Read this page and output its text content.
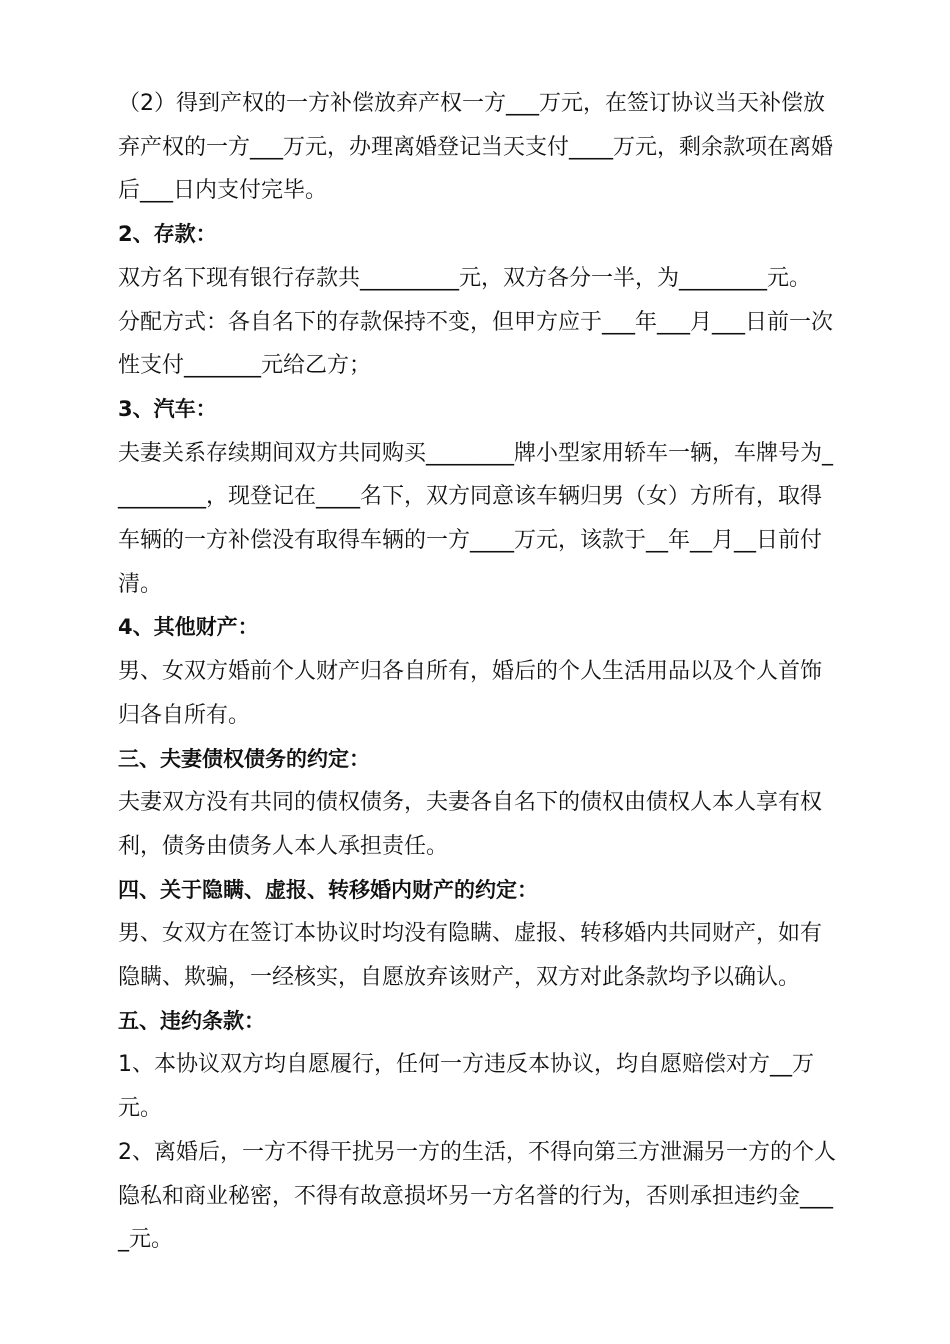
（2）得到产权的一方补偿放弃产权一方___万元，在签订协议当天补偿放弃产权的一方___万元，办理离婚登记当天支付____万元，剩余款项在离婚后___日内支付完毕。

2、存款：

双方名下现有银行存款共_________元，双方各分一半，为________元。

分配方式：各自名下的存款保持不变，但甲方应于___年___月___日前一次性支付_______元给乙方；

3、汽车：

夫妻关系存续期间双方共同购买________牌小型家用轿车一辆，车牌号为_________，现登记在____名下，双方同意该车辆归男（女）方所有，取得车辆的一方补偿没有取得车辆的一方____万元，该款于__年__月__日前付清。

4、其他财产：

男、女双方婚前个人财产归各自所有，婚后的个人生活用品以及个人首饰归各自所有。

三、夫妻债权债务的约定：

夫妻双方没有共同的债权债务，夫妻各自名下的债权由债权人本人享有权利，债务由债务人本人承担责任。

四、关于隐瞒、虚报、转移婚内财产的约定：

男、女双方在签订本协议时均没有隐瞒、虚报、转移婚内共同财产，如有隐瞒、欺骗，一经核实，自愿放弃该财产，双方对此条款均予以确认。

五、违约条款：

1、本协议双方均自愿履行，任何一方违反本协议，均自愿赔偿对方__万元。

2、离婚后，一方不得干扰另一方的生活，不得向第三方泄漏另一方的个人隐私和商业秘密，不得有故意损坏另一方名誉的行为，否则承担违约金____元。
